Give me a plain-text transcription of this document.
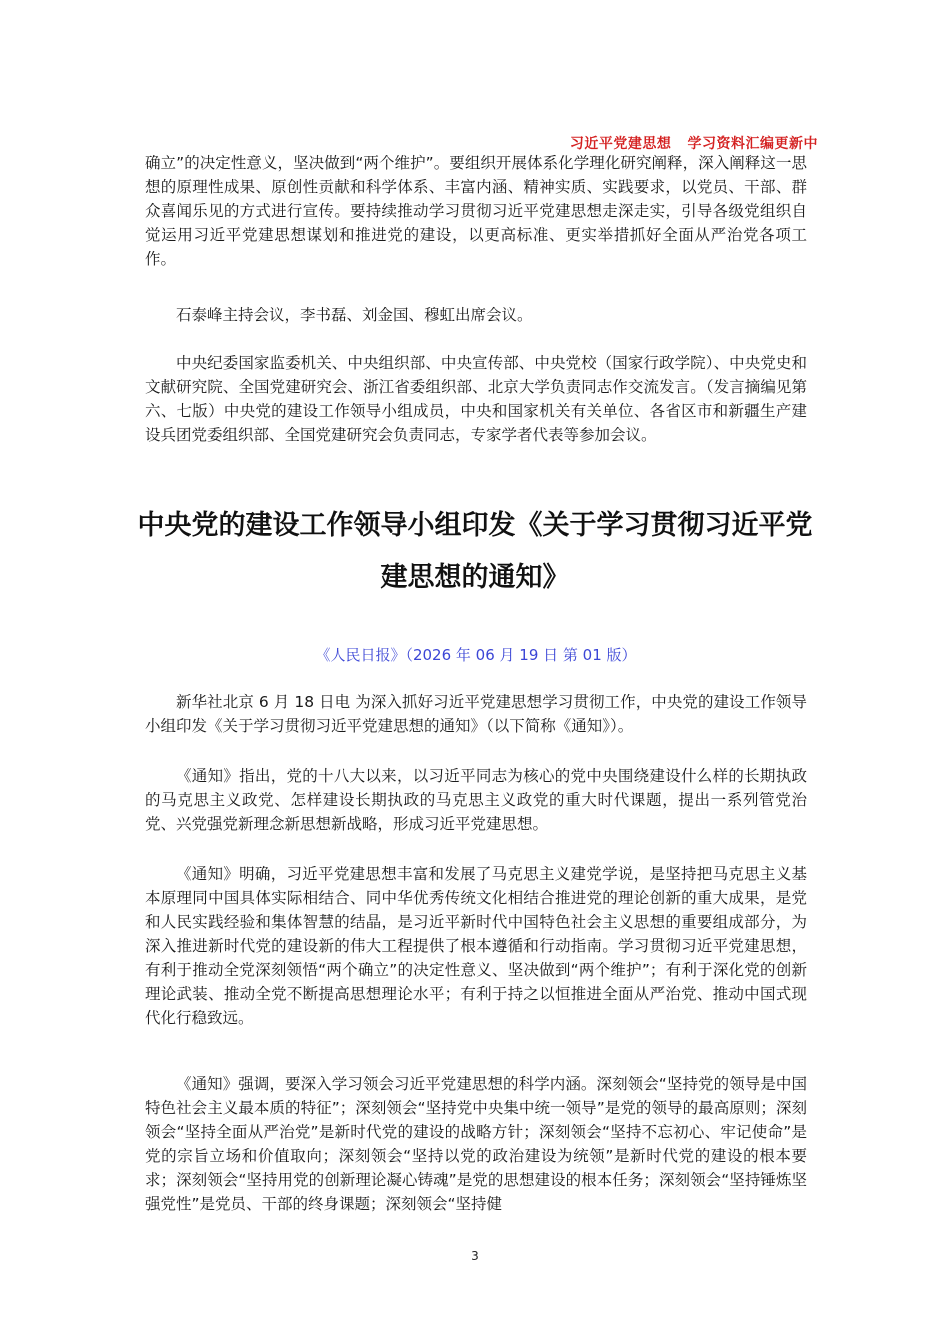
习近平党建思想   学习资料汇编更新中

确立”的决定性意义，坚决做到“两个维护”。要组织开展体系化学理化研究阐释，深入阐释这一思想的原理性成果、原创性贡献和科学体系、丰富内涵、精神实质、实践要求，以党员、干部、群众喜闻乐见的方式进行宣传。要持续推动学习贯彻习近平党建思想走深走实，引导各级党组织自觉运用习近平党建思想谋划和推进党的建设，以更高标准、更实举措抓好全面从严治党各项工作。

石泰峰主持会议，李书磊、刘金国、穆虹出席会议。

中央纪委国家监委机关、中央组织部、中央宣传部、中央党校（国家行政学院）、中央党史和文献研究院、全国党建研究会、浙江省委组织部、北京大学负责同志作交流发言。（发言摘编见第六、七版）中央党的建设工作领导小组成员，中央和国家机关有关单位、各省区市和新疆生产建设兵团党委组织部、全国党建研究会负责同志，专家学者代表等参加会议。

中央党的建设工作领导小组印发《关于学习贯彻习近平党建思想的通知》

《人民日报》（2026 年 06 月 19 日 第 01 版）

新华社北京 6 月 18 日电 为深入抓好习近平党建思想学习贯彻工作，中央党的建设工作领导小组印发《关于学习贯彻习近平党建思想的通知》（以下简称《通知》）。

《通知》指出，党的十八大以来，以习近平同志为核心的党中央围绕建设什么样的长期执政的马克思主义政党、怎样建设长期执政的马克思主义政党的重大时代课题，提出一系列管党治党、兴党强党新理念新思想新战略，形成习近平党建思想。

《通知》明确，习近平党建思想丰富和发展了马克思主义建党学说，是坚持把马克思主义基本原理同中国具体实际相结合、同中华优秀传统文化相结合推进党的理论创新的重大成果，是党和人民实践经验和集体智慧的结晶，是习近平新时代中国特色社会主义思想的重要组成部分，为深入推进新时代党的建设新的伟大工程提供了根本遵循和行动指南。学习贯彻习近平党建思想，有利于推动全党深刻领悟“两个确立”的决定性意义、坚决做到“两个维护”；有利于深化党的创新理论武装、推动全党不断提高思想理论水平；有利于持之以恒推进全面从严治党、推动中国式现代化行稳致远。

《通知》强调，要深入学习领会习近平党建思想的科学内涵。深刻领会“坚持党的领导是中国特色社会主义最本质的特征”；深刻领会“坚持党中央集中统一领导”是党的领导的最高原则；深刻领会“坚持全面从严治党”是新时代党的建设的战略方针；深刻领会“坚持不忘初心、牢记使命”是党的宗旨立场和价值取向；深刻领会“坚持以党的政治建设为统领”是新时代党的建设的根本要求；深刻领会“坚持用党的创新理论凝心铸魂”是党的思想建设的根本任务；深刻领会“坚持锤炼坚强党性”是党员、干部的终身课题；深刻领会“坚持健

3
